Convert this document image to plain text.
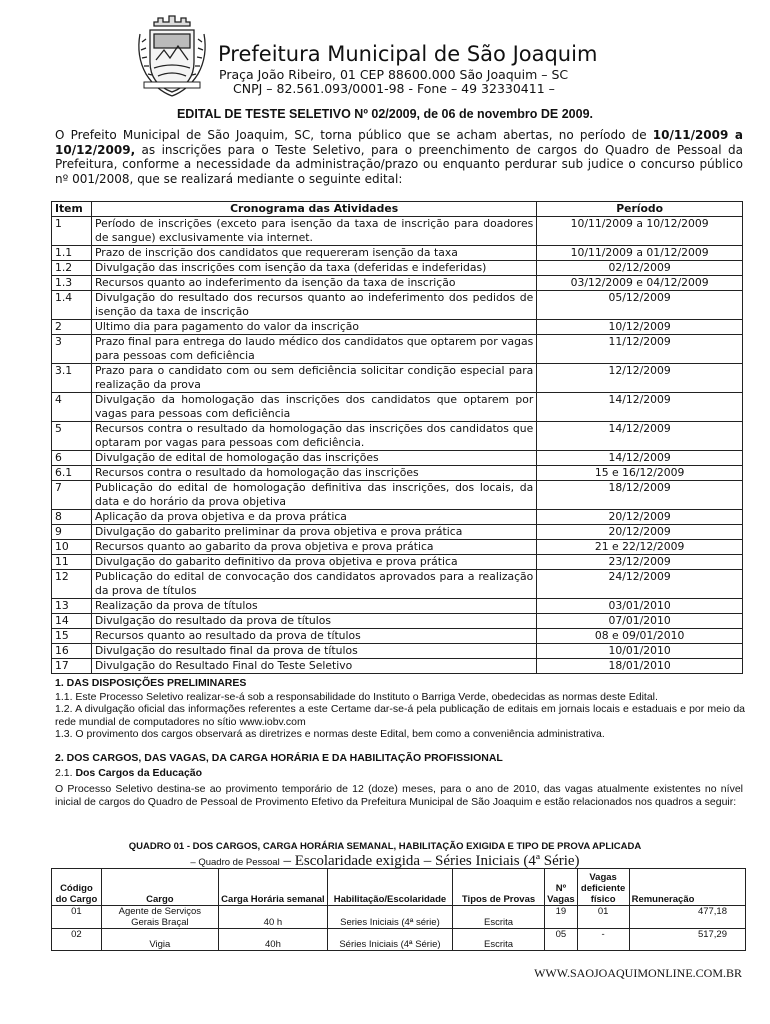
Prefeitura Municipal de São Joaquim
Praça João Ribeiro, 01 CEP 88600.000 São Joaquim – SC
CNPJ – 82.561.093/0001-98 - Fone – 49 32330411 –
EDITAL DE TESTE SELETIVO Nº 02/2009, de 06 de novembro DE 2009.
O Prefeito Municipal de São Joaquim, SC, torna público que se acham abertas, no período de 10/11/2009 a 10/12/2009, as inscrições para o Teste Seletivo, para o preenchimento de cargos do Quadro de Pessoal da Prefeitura, conforme a necessidade da administração/prazo ou enquanto perdurar sub judice o concurso público nº 001/2008, que se realizará mediante o seguinte edital:
Item	Cronograma das Atividades	Período
1	Período de inscrições (exceto para isenção da taxa de inscrição para doadores de sangue) exclusivamente via internet.	10/11/2009 a 10/12/2009
1.1	Prazo de inscrição dos candidatos que requereram isenção da taxa	10/11/2009 a 01/12/2009
1.2	Divulgação das inscrições com isenção da taxa (deferidas e indeferidas)	02/12/2009
1.3	Recursos quanto ao indeferimento da isenção da taxa de inscrição	03/12/2009 e 04/12/2009
1.4	Divulgação do resultado dos recursos quanto ao indeferimento dos pedidos de isenção da taxa de inscrição	05/12/2009
2	Ultimo dia para pagamento do valor da inscrição	10/12/2009
3	Prazo final para entrega do laudo médico dos candidatos que optarem por vagas para pessoas com deficiência	11/12/2009
3.1	Prazo para o candidato com ou sem deficiência solicitar condição especial para realização da prova	12/12/2009
4	Divulgação da homologação das inscrições dos candidatos que optarem por vagas para pessoas com deficiência	14/12/2009
5	Recursos contra o resultado da homologação das inscrições dos candidatos que optaram por vagas para pessoas com deficiência.	14/12/2009
6	Divulgação de edital de homologação das inscrições	14/12/2009
6.1	Recursos contra o resultado da homologação das inscrições	15 e 16/12/2009
7	Publicação do edital de homologação definitiva das inscrições, dos locais, da data e do horário da prova objetiva	18/12/2009
8	Aplicação da prova objetiva e da prova prática	20/12/2009
9	Divulgação do gabarito preliminar da prova objetiva e prova prática	20/12/2009
10	Recursos quanto ao gabarito da prova objetiva e prova prática	21 e 22/12/2009
11	Divulgação do gabarito definitivo da prova objetiva e prova prática	23/12/2009
12	Publicação do edital de convocação dos candidatos aprovados para a realização da prova de títulos	24/12/2009
13	Realização da prova de títulos	03/01/2010
14	Divulgação do resultado da prova de títulos	07/01/2010
15	Recursos quanto ao resultado da prova de títulos	08 e 09/01/2010
16	Divulgação do resultado final da prova de títulos	10/01/2010
17	Divulgação do Resultado Final do Teste Seletivo	18/01/2010
1. DAS DISPOSIÇÕES PRELIMINARES
1.1. Este Processo Seletivo realizar-se-á sob a responsabilidade do Instituto o Barriga Verde, obedecidas as normas deste Edital.
1.2. A divulgação oficial das informações referentes a este Certame dar-se-á pela publicação de editais em jornais locais e estaduais e por meio da rede mundial de computadores no sítio www.iobv.com
1.3. O provimento dos cargos observará as diretrizes e normas deste Edital, bem como a conveniência administrativa.
2. DOS CARGOS, DAS VAGAS, DA CARGA HORÁRIA E DA HABILITAÇÃO PROFISSIONAL
2.1. Dos Cargos da Educação
O Processo Seletivo destina-se ao provimento temporário de 12 (doze) meses, para o ano de 2010, das vagas atualmente existentes no nível inicial de cargos do Quadro de Pessoal de Provimento Efetivo da Prefeitura Municipal de São Joaquim e estão relacionados nos quadros a seguir:
QUADRO 01 - DOS CARGOS, CARGA HORÁRIA SEMANAL, HABILITAÇÃO EXIGIDA E TIPO DE PROVA APLICADA
– Quadro de Pessoal – Escolaridade exigida – Séries Iniciais (4ª Série)
Código do Cargo	Cargo	Carga Horária semanal	Habilitação/Escolaridade	Tipos de Provas	Nº Vagas	Vagas deficiente físico	Remuneração
01	Agente de Serviços Gerais Braçal	40 h	Series Iniciais (4ª série)	Escrita	19	01	477,18
02	Vigia	40h	Séries Iniciais (4ª Série)	Escrita	05	-	517,29
WWW.SAOJOAQUIMONLINE.COM.BR
